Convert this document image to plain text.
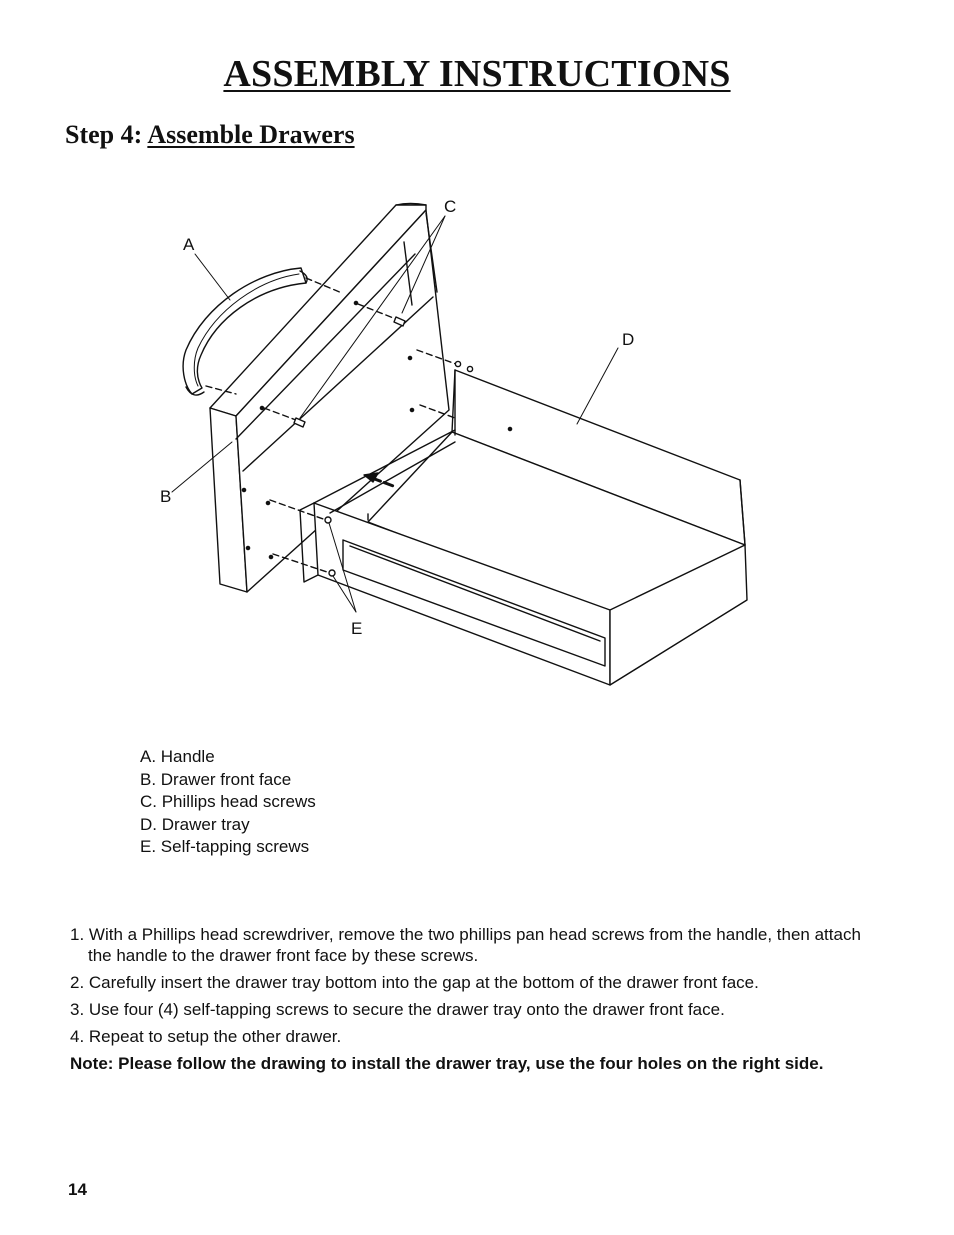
ASSEMBLY INSTRUCTIONS
Step 4: Assemble Drawers
A
B
C
D
E
A. Handle
B. Drawer front face
C. Phillips head screws
D. Drawer tray
E. Self-tapping screws

1. With a Phillips head screwdriver, remove the two phillips pan head screws from the handle, then attach the handle to the drawer front face by these screws.

2. Carefully insert the drawer tray bottom into the gap at the bottom of the drawer front face.

3. Use four (4) self-tapping screws to secure the drawer tray onto the drawer front face.

4. Repeat to setup the other drawer.

Note: Please follow the drawing to install the drawer tray, use the four holes on the right side.

14
